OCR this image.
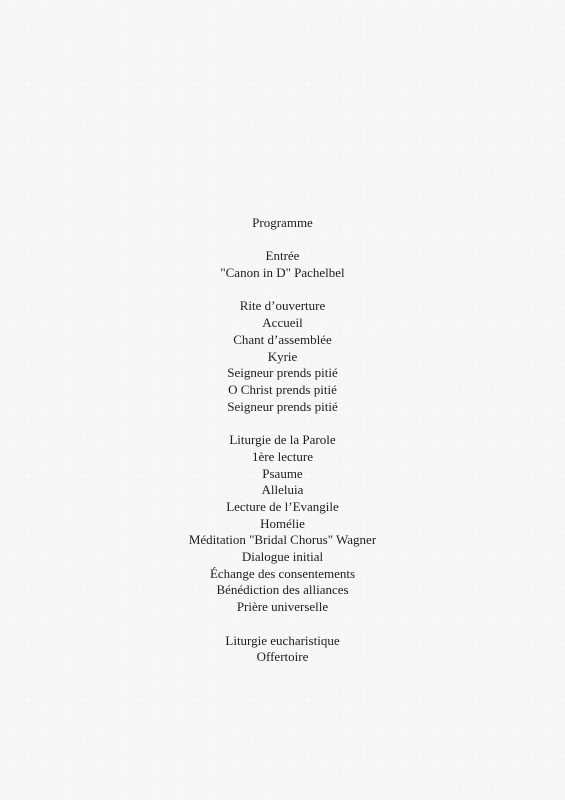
Programme
Entrée
"Canon in D" Pachelbel
Rite d’ouverture
Accueil
Chant d’assemblée
Kyrie
Seigneur prends pitié
O Christ prends pitié
Seigneur prends pitié
Liturgie de la Parole
1ère lecture
Psaume
Alleluia
Lecture de l’Evangile
Homélie
Méditation "Bridal Chorus" Wagner
Dialogue initial
Échange des consentements
Bénédiction des alliances
Prière universelle
Liturgie eucharistique
Offertoire
